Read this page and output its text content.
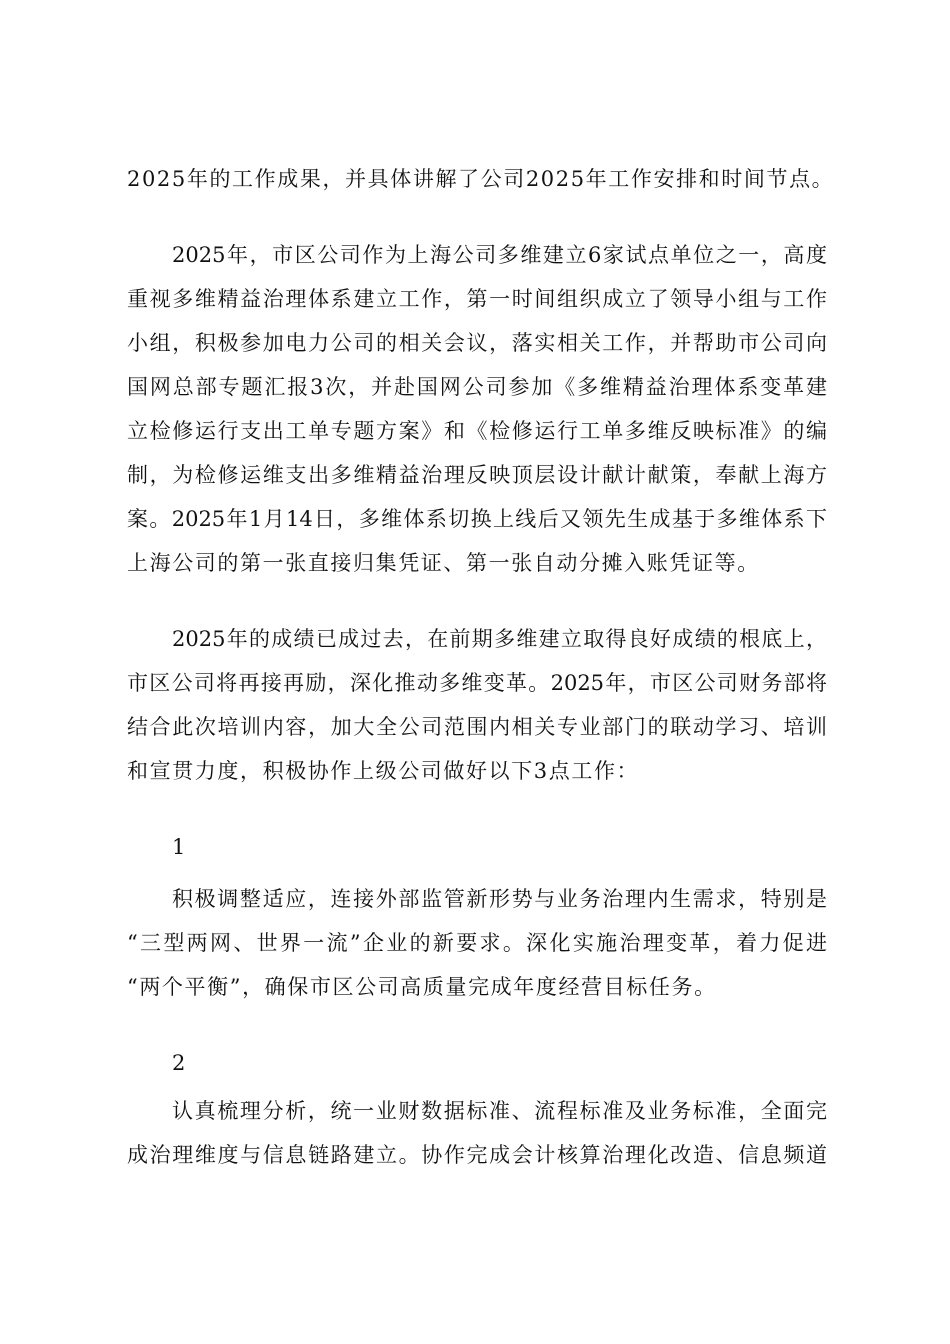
2025年的工作成果，并具体讲解了公司2025年工作安排和时间节点。
2025年，市区公司作为上海公司多维建立6家试点单位之一，高度
重视多维精益治理体系建立工作，第一时间组织成立了领导小组与工作
小组，积极参加电力公司的相关会议，落实相关工作，并帮助市公司向
国网总部专题汇报3次，并赴国网公司参加《多维精益治理体系变革建
立检修运行支出工单专题方案》和《检修运行工单多维反映标准》的编
制，为检修运维支出多维精益治理反映顶层设计献计献策，奉献上海方
案。2025年1月14日，多维体系切换上线后又领先生成基于多维体系下
上海公司的第一张直接归集凭证、第一张自动分摊入账凭证等。
2025年的成绩已成过去，在前期多维建立取得良好成绩的根底上，
市区公司将再接再励，深化推动多维变革。2025年，市区公司财务部将
结合此次培训内容，加大全公司范围内相关专业部门的联动学习、培训
和宣贯力度，积极协作上级公司做好以下3点工作：
1
积极调整适应，连接外部监管新形势与业务治理内生需求，特别是
“三型两网、世界一流”企业的新要求。深化实施治理变革，着力促进
“两个平衡”，确保市区公司高质量完成年度经营目标任务。
2
认真梳理分析，统一业财数据标准、流程标准及业务标准，全面完
成治理维度与信息链路建立。协作完成会计核算治理化改造、信息频道
